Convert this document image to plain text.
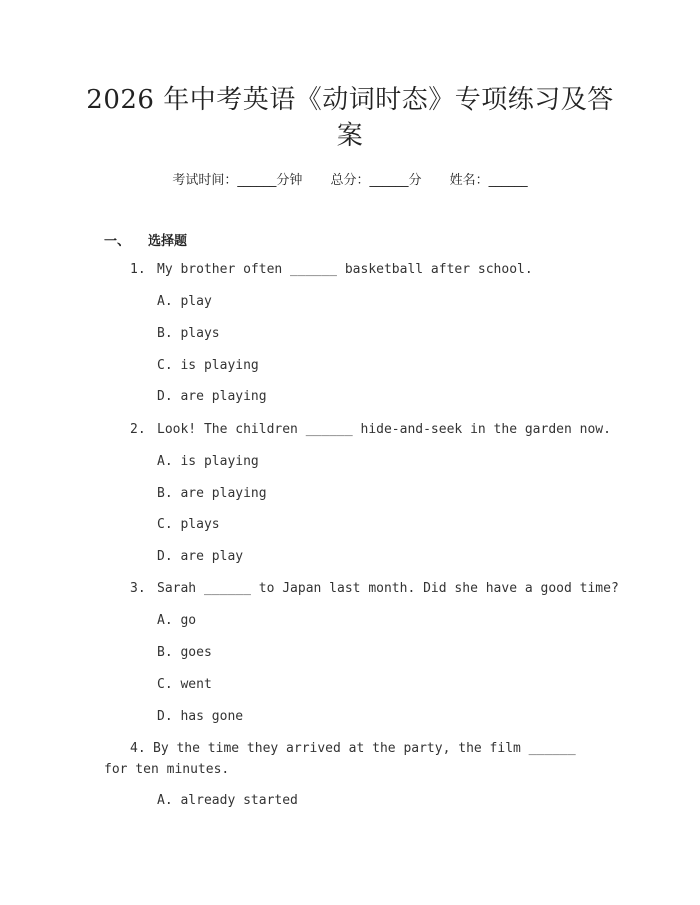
2026 年中考英语《动词时态》专项练习及答
案
考试时间：______分钟 总分：______分 姓名：______
一、 选择题
1. My brother often ______ basketball after school.
A. play
B. plays
C. is playing
D. are playing
2. Look! The children ______ hide-and-seek in the garden now.
A. is playing
B. are playing
C. plays
D. are play
3. Sarah ______ to Japan last month. Did she have a good time?
A. go
B. goes
C. went
D. has gone
4. By the time they arrived at the party, the film ______ for ten minutes.
A. already started
